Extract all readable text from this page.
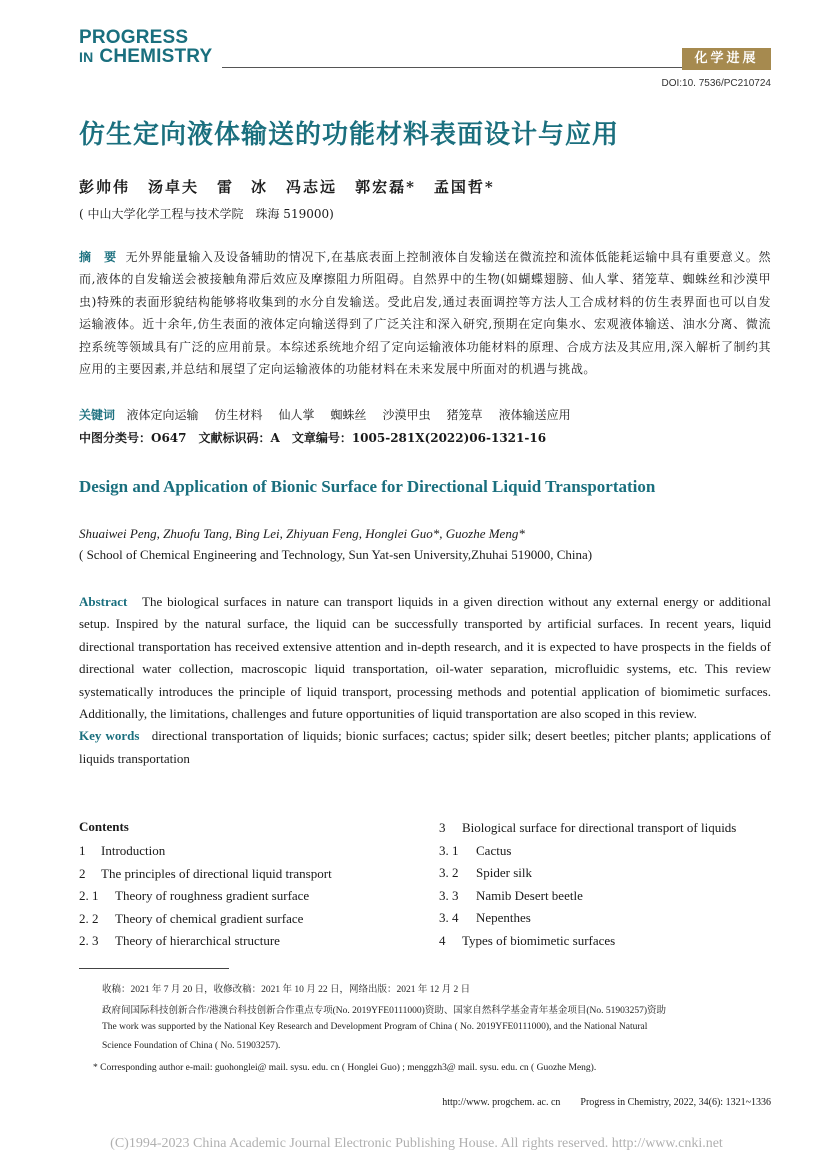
PROGRESS
IN CHEMISTRY	化学进展
DOI:10. 7536/PC210724
仿生定向液体输送的功能材料表面设计与应用
彭帅伟 汤卓夫 雷　冰 冯志远 郭宏磊* 孟国哲*
( 中山大学化学工程与技术学院　珠海 519000)
摘　要 无外界能量输入及设备辅助的情况下,在基底表面上控制液体自发输送在微流控和流体低能耗运输中具有重要意义。然而,液体的自发输送会被接触角滞后效应及摩擦阻力所阻碍。自然界中的生物(如蝴蝶翅膀、仙人掌、猪笼草、蜘蛛丝和沙漠甲虫)特殊的表面形貌结构能够将收集到的水分自发输送。受此启发,通过表面调控等方法人工合成材料的仿生表界面也可以自发运输液体。近十余年,仿生表面的液体定向输送得到了广泛关注和深入研究,预期在定向集水、宏观液体输送、油水分离、微流控系统等领域具有广泛的应用前景。本综述系统地介绍了定向运输液体功能材料的原理、合成方法及其应用,深入解析了制约其应用的主要因素,并总结和展望了定向运输液体的功能材料在未来发展中所面对的机遇与挑战。
关键词 液体定向运输 仿生材料 仙人掌 蜘蛛丝 沙漠甲虫 猪笼草 液体输送应用
中图分类号：O647　文献标识码：A　文章编号：1005-281X(2022)06-1321-16
Design and Application of Bionic Surface for Directional Liquid Transportation
Shuaiwei Peng, Zhuofu Tang, Bing Lei, Zhiyuan Feng, Honglei Guo*, Guozhe Meng*
( School of Chemical Engineering and Technology, Sun Yat-sen University,Zhuhai 519000, China)
Abstract The biological surfaces in nature can transport liquids in a given direction without any external energy or additional setup. Inspired by the natural surface, the liquid can be successfully transported by artificial surfaces. In recent years, liquid directional transportation has received extensive attention and in-depth research, and it is expected to have prospects in the fields of directional water collection, macroscopic liquid transportation, oil-water separation, microfluidic systems, etc. This review systematically introduces the principle of liquid transport, processing methods and potential application of biomimetic surfaces. Additionally, the limitations, challenges and future opportunities of liquid transportation are also scoped in this review.
Key words directional transportation of liquids; bionic surfaces; cactus; spider silk; desert beetles; pitcher plants; applications of liquids transportation
Contents
1 Introduction
2 The principles of directional liquid transport
2. 1 Theory of roughness gradient surface
2. 2 Theory of chemical gradient surface
2. 3 Theory of hierarchical structure
3 Biological surface for directional transport of liquids
3. 1 Cactus
3. 2 Spider silk
3. 3 Namib Desert beetle
3. 4 Nepenthes
4 Types of biomimetic surfaces
收稿：2021 年 7 月 20 日，收修改稿：2021 年 10 月 22 日，网络出版：2021 年 12 月 2 日
政府间国际科技创新合作/港澳台科技创新合作重点专项(No. 2019YFE0111000)资助、国家自然科学基金青年基金项目(No. 51903257)资助
The work was supported by the National Key Research and Development Program of China ( No. 2019YFE0111000), and the National Natural
Science Foundation of China ( No. 51903257).
* Corresponding author e-mail: guohonglei@ mail. sysu. edu. cn ( Honglei Guo) ; menggzh3@ mail. sysu. edu. cn ( Guozhe Meng).
http://www. progchem. ac. cn Progress in Chemistry, 2022, 34(6): 1321~1336
(C)1994-2023 China Academic Journal Electronic Publishing House. All rights reserved. http://www.cnki.net
